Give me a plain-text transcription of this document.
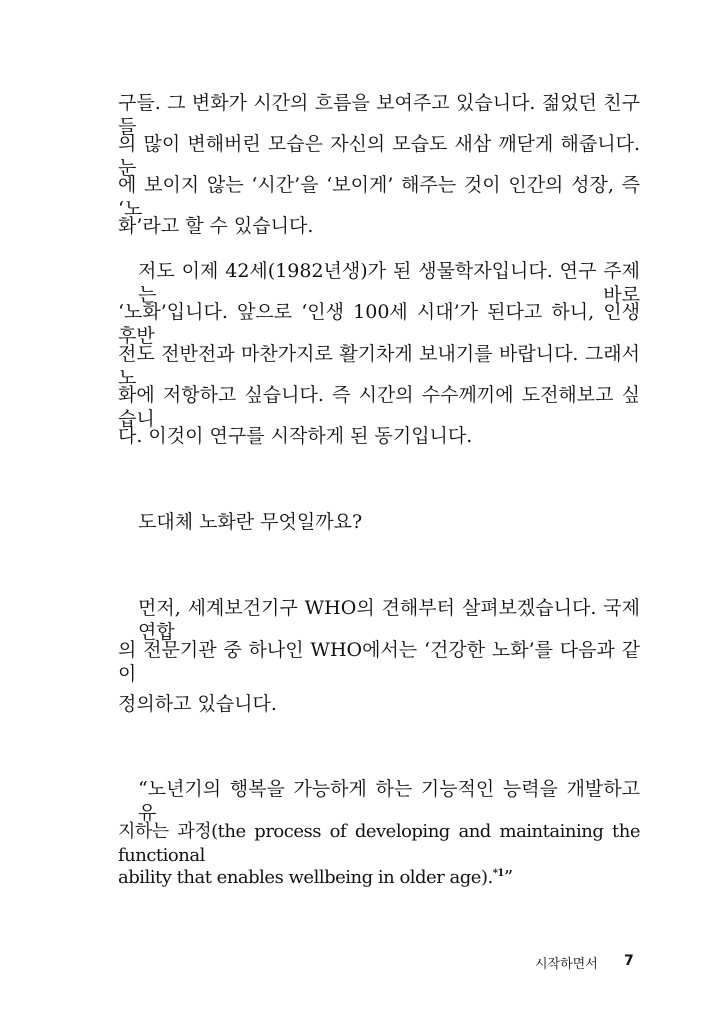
구들. 그 변화가 시간의 흐름을 보여주고 있습니다. 젊었던 친구들
의 많이 변해버린 모습은 자신의 모습도 새삼 깨닫게 해줍니다. 눈
에 보이지 않는 ‘시간’을 ‘보이게’ 해주는 것이 인간의 성장, 즉 ‘노
화’라고 할 수 있습니다.
저도 이제 42세(1982년생)가 된 생물학자입니다. 연구 주제는 바로
‘노화’입니다. 앞으로 ‘인생 100세 시대’가 된다고 하니, 인생 후반
전도 전반전과 마찬가지로 활기차게 보내기를 바랍니다. 그래서 노
화에 저항하고 싶습니다. 즉 시간의 수수께끼에 도전해보고 싶습니
다. 이것이 연구를 시작하게 된 동기입니다.
도대체 노화란 무엇일까요?
먼저, 세계보건기구 WHO의 견해부터 살펴보겠습니다. 국제연합
의 전문기관 중 하나인 WHO에서는 ‘건강한 노화’를 다음과 같이
정의하고 있습니다.
“노년기의 행복을 가능하게 하는 기능적인 능력을 개발하고 유
지하는 과정(the process of developing and maintaining the functional
ability that enables wellbeing in older age).$^{*1}$”
시작하면서 7
